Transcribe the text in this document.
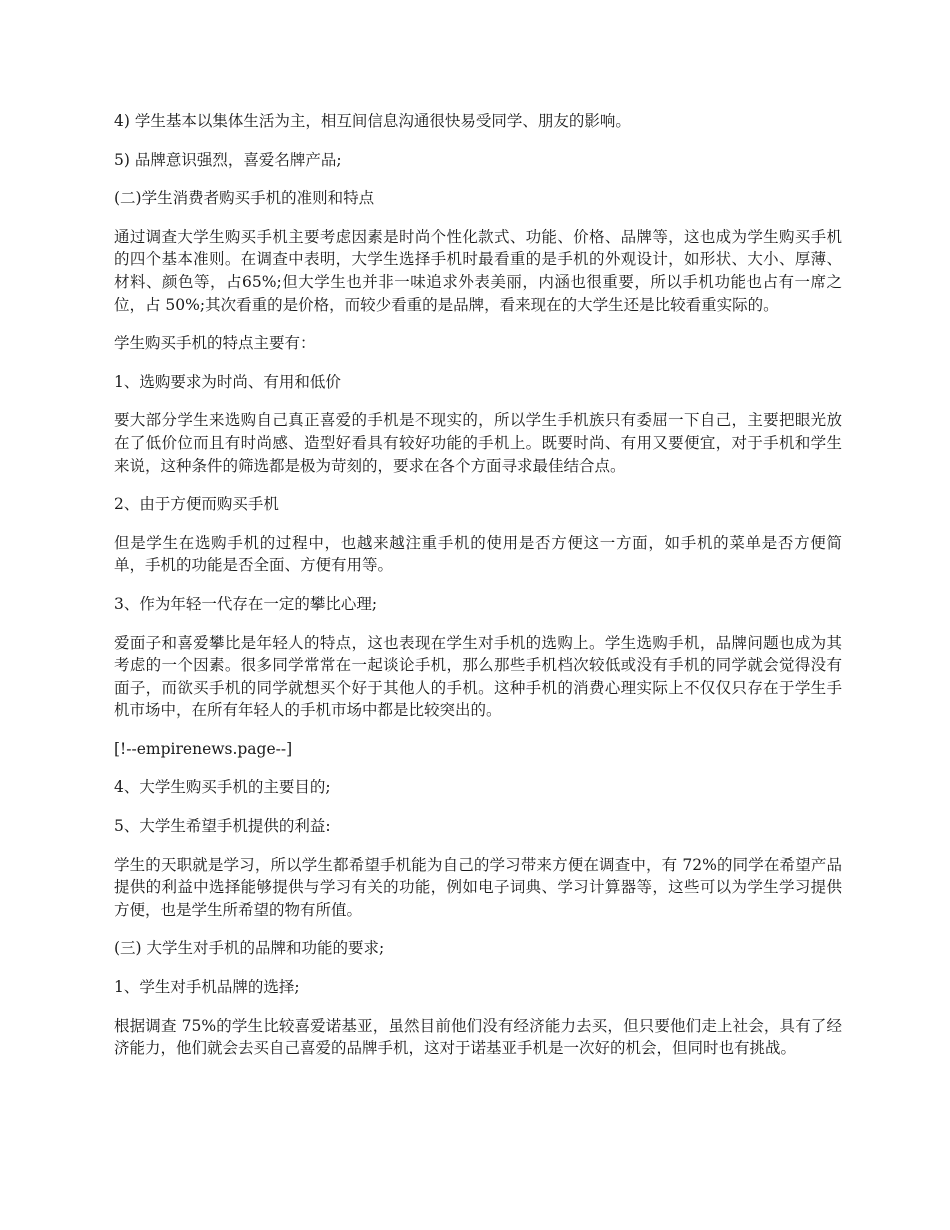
4) 学生基本以集体生活为主，相互间信息沟通很快易受同学、朋友的影响。

5) 品牌意识强烈，喜爱名牌产品;

(二)学生消费者购买手机的准则和特点

通过调查大学生购买手机主要考虑因素是时尚个性化款式、功能、价格、品牌等，这也成为学生购买手机的四个基本准则。在调查中表明，大学生选择手机时最看重的是手机的外观设计，如形状、大小、厚薄、材料、颜色等，占65%;但大学生也并非一味追求外表美丽，内涵也很重要，所以手机功能也占有一席之位，占 50%;其次看重的是价格，而较少看重的是品牌，看来现在的大学生还是比较看重实际的。

学生购买手机的特点主要有：

1、选购要求为时尚、有用和低价

要大部分学生来选购自己真正喜爱的手机是不现实的，所以学生手机族只有委屈一下自己，主要把眼光放在了低价位而且有时尚感、造型好看具有较好功能的手机上。既要时尚、有用又要便宜，对于手机和学生来说，这种条件的筛选都是极为苛刻的，要求在各个方面寻求最佳结合点。

2、由于方便而购买手机

但是学生在选购手机的过程中，也越来越注重手机的使用是否方便这一方面，如手机的菜单是否方便简单，手机的功能是否全面、方便有用等。

3、作为年轻一代存在一定的攀比心理;

爱面子和喜爱攀比是年轻人的特点，这也表现在学生对手机的选购上。学生选购手机，品牌问题也成为其考虑的一个因素。很多同学常常在一起谈论手机，那么那些手机档次较低或没有手机的同学就会觉得没有面子，而欲买手机的同学就想买个好于其他人的手机。这种手机的消费心理实际上不仅仅只存在于学生手机市场中，在所有年轻人的手机市场中都是比较突出的。

[!--empirenews.page--]

4、大学生购买手机的主要目的;

5、大学生希望手机提供的利益:

学生的天职就是学习，所以学生都希望手机能为自己的学习带来方便在调查中，有 72%的同学在希望产品提供的利益中选择能够提供与学习有关的功能，例如电子词典、学习计算器等，这些可以为学生学习提供方便，也是学生所希望的物有所值。

(三) 大学生对手机的品牌和功能的要求;

1、学生对手机品牌的选择;

根据调查 75%的学生比较喜爱诺基亚，虽然目前他们没有经济能力去买，但只要他们走上社会，具有了经济能力，他们就会去买自己喜爱的品牌手机，这对于诺基亚手机是一次好的机会，但同时也有挑战。
